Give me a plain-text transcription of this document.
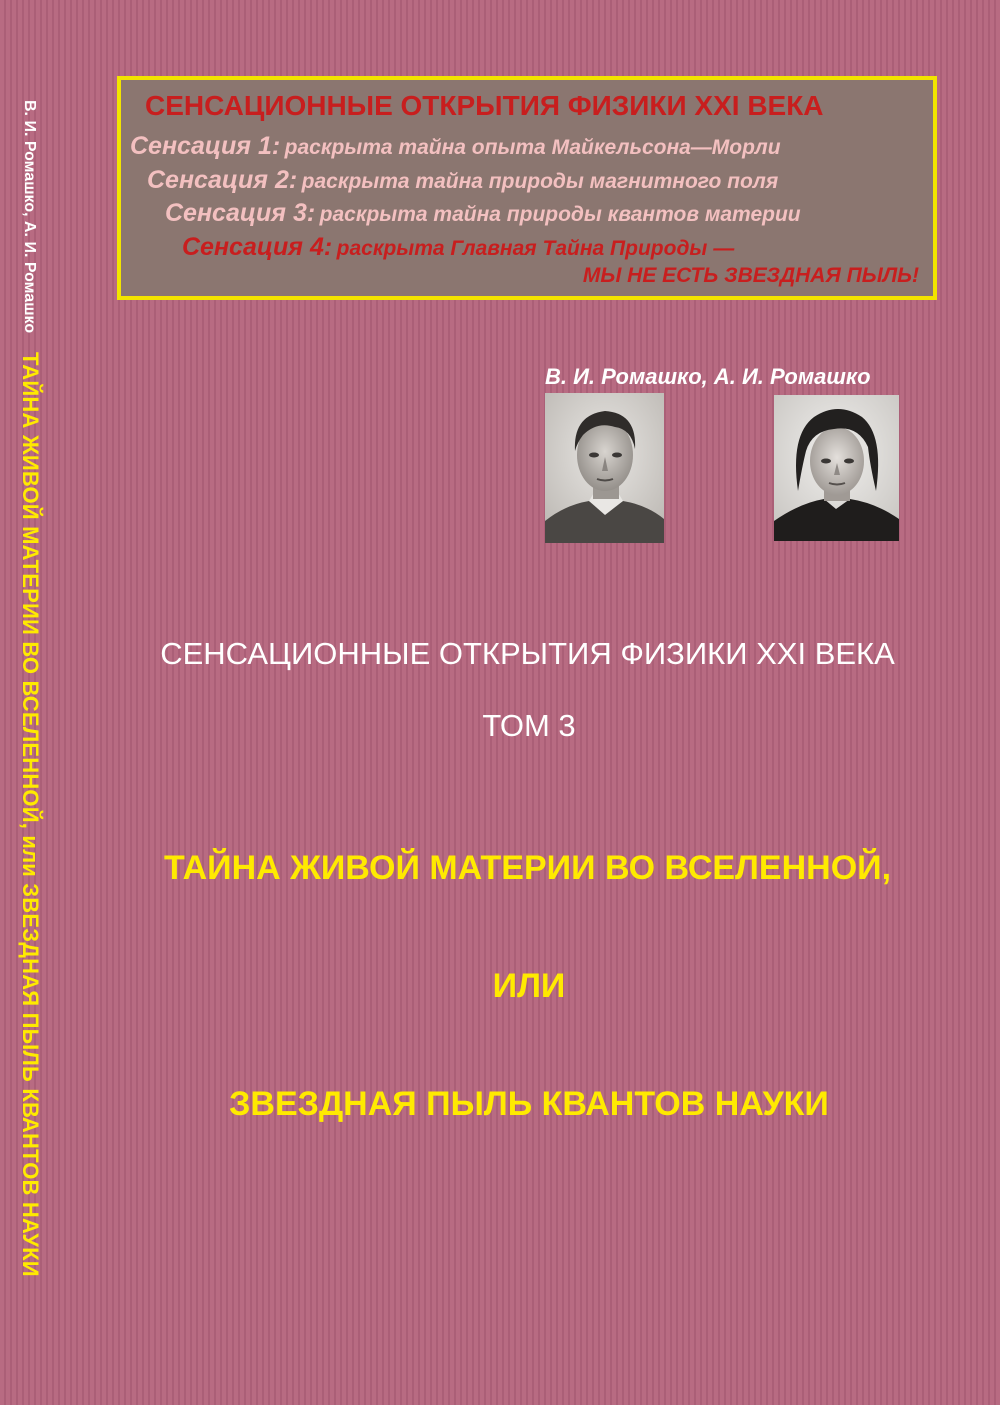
В. И. Ромашко, А. И. Ромашко
ТАЙНА ЖИВОЙ МАТЕРИИ ВО ВСЕЛЕННОЙ, или ЗВЕЗДНАЯ ПЫЛЬ КВАНТОВ НАУКИ
СЕНСАЦИОННЫЕ ОТКРЫТИЯ ФИЗИКИ XXI ВЕКА
Сенсация 1: раскрыта тайна опыта Майкельсона—Морли
Сенсация 2: раскрыта тайна природы магнитного поля
Сенсация 3: раскрыта тайна природы квантов материи
Сенсация 4: раскрыта Главная Тайна Природы —
МЫ НЕ ЕСТЬ ЗВЕЗДНАЯ ПЫЛЬ!
В. И. Ромашко, А. И. Ромашко
СЕНСАЦИОННЫЕ ОТКРЫТИЯ ФИЗИКИ XXI ВЕКА
ТОМ 3
ТАЙНА ЖИВОЙ МАТЕРИИ ВО ВСЕЛЕННОЙ,
ИЛИ
ЗВЕЗДНАЯ ПЫЛЬ КВАНТОВ НАУКИ
